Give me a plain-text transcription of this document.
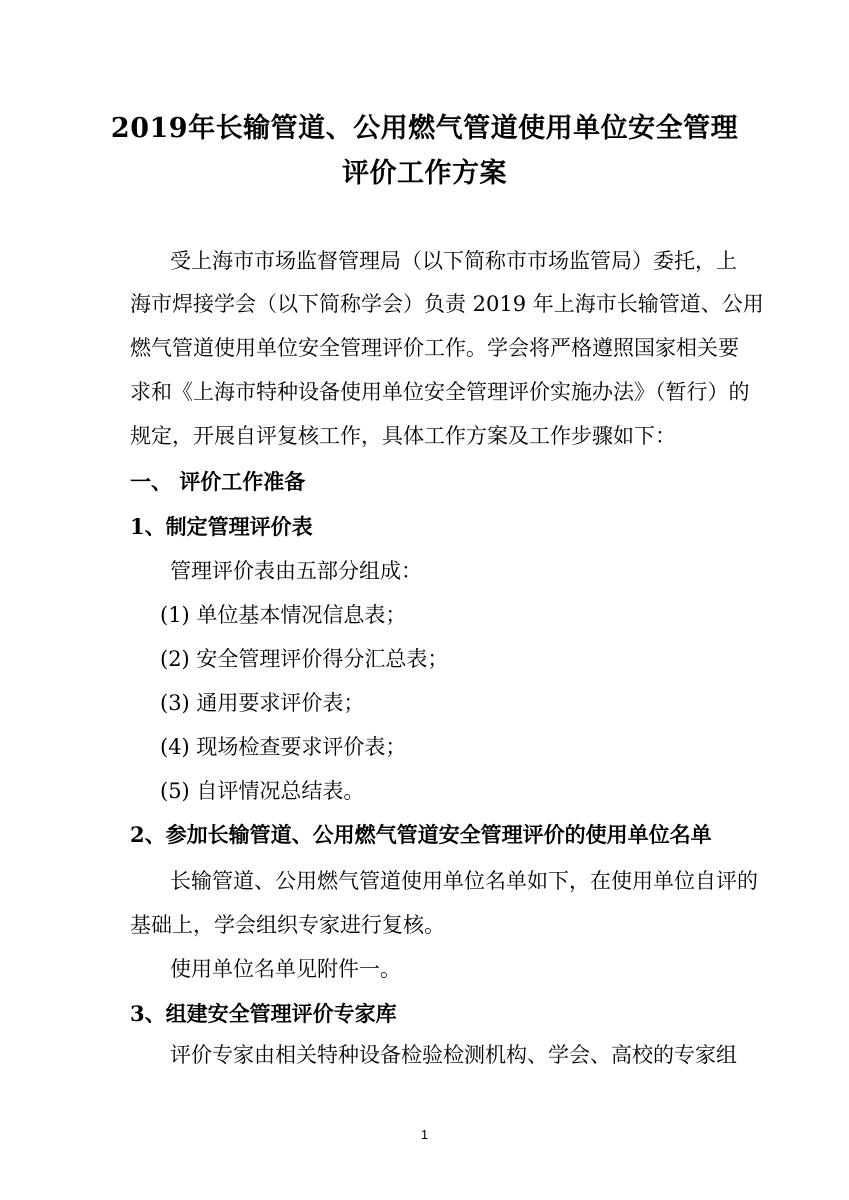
2019年长输管道、公用燃气管道使用单位安全管理
评价工作方案
受上海市市场监督管理局（以下简称市市场监管局）委托，上
海市焊接学会（以下简称学会）负责 2019 年上海市长输管道、公用
燃气管道使用单位安全管理评价工作。学会将严格遵照国家相关要
求和《上海市特种设备使用单位安全管理评价实施办法》（暂行）的
规定，开展自评复核工作，具体工作方案及工作步骤如下：
一、 评价工作准备
1、制定管理评价表
管理评价表由五部分组成：
(1) 单位基本情况信息表；
(2) 安全管理评价得分汇总表；
(3) 通用要求评价表；
(4) 现场检查要求评价表；
(5) 自评情况总结表。
2、参加长输管道、公用燃气管道安全管理评价的使用单位名单
长输管道、公用燃气管道使用单位名单如下，在使用单位自评的
基础上，学会组织专家进行复核。
使用单位名单见附件一。
3、组建安全管理评价专家库
评价专家由相关特种设备检验检测机构、学会、高校的专家组
1
